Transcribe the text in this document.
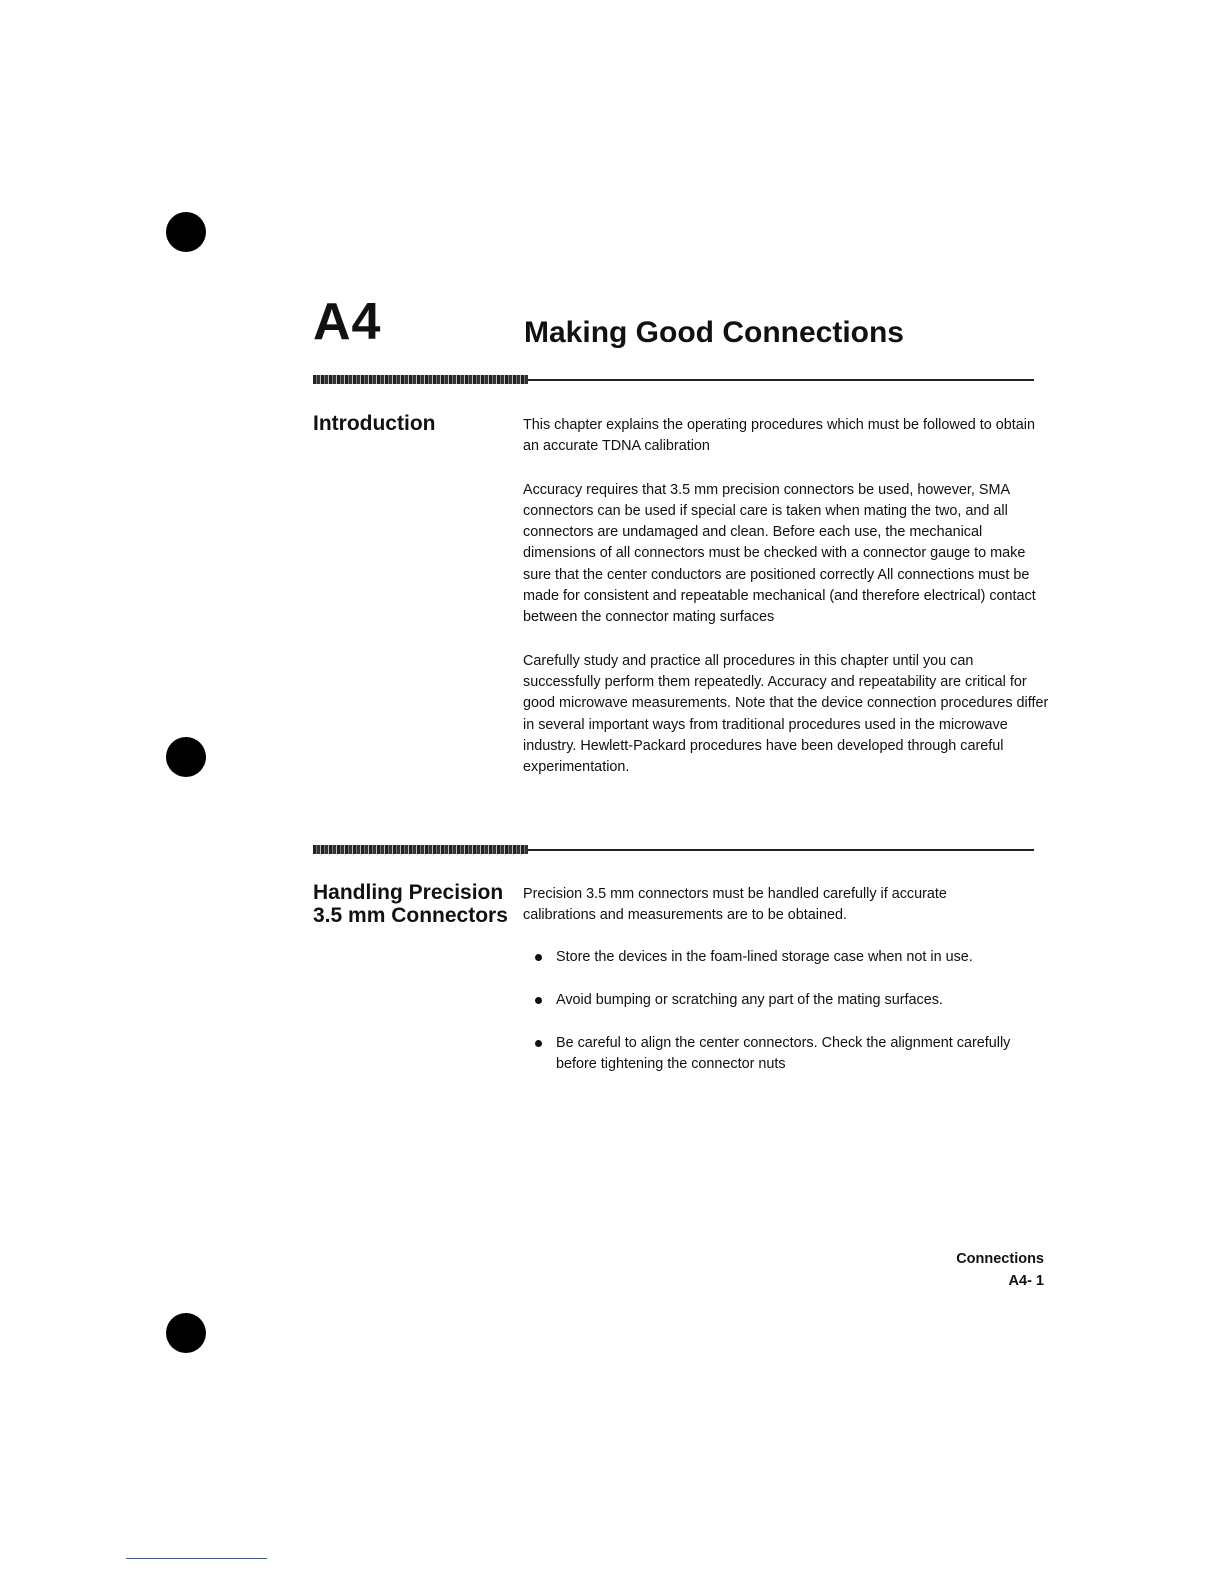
A4	Making Good Connections
Introduction	This chapter explains the operating procedures which must be followed to obtain an accurate TDNA calibration

Accuracy requires that 3.5 mm precision connectors be used, however, SMA connectors can be used if special care is taken when mating the two, and all connectors are undamaged and clean. Before each use, the mechanical dimensions of all connectors must be checked with a connector gauge to make sure that the center conductors are positioned correctly All connections must be made for consistent and repeatable mechanical (and therefore electrical) contact between the connector mating surfaces

Carefully study and practice all procedures in this chapter until you can successfully perform them repeatedly. Accuracy and repeatability are critical for good microwave measurements. Note that the device connection procedures differ in several important ways from traditional procedures used in the microwave industry. Hewlett-Packard procedures have been developed through careful experimentation.

Handling Precision
3.5 mm Connectors

Precision 3.5 mm connectors must be handled carefully if accurate calibrations and measurements are to be obtained.

Store the devices in the foam-lined storage case when not in use.
Avoid bumping or scratching any part of the mating surfaces.
Be careful to align the center connectors. Check the alignment carefully before tightening the connector nuts
Connections
A4- 1
